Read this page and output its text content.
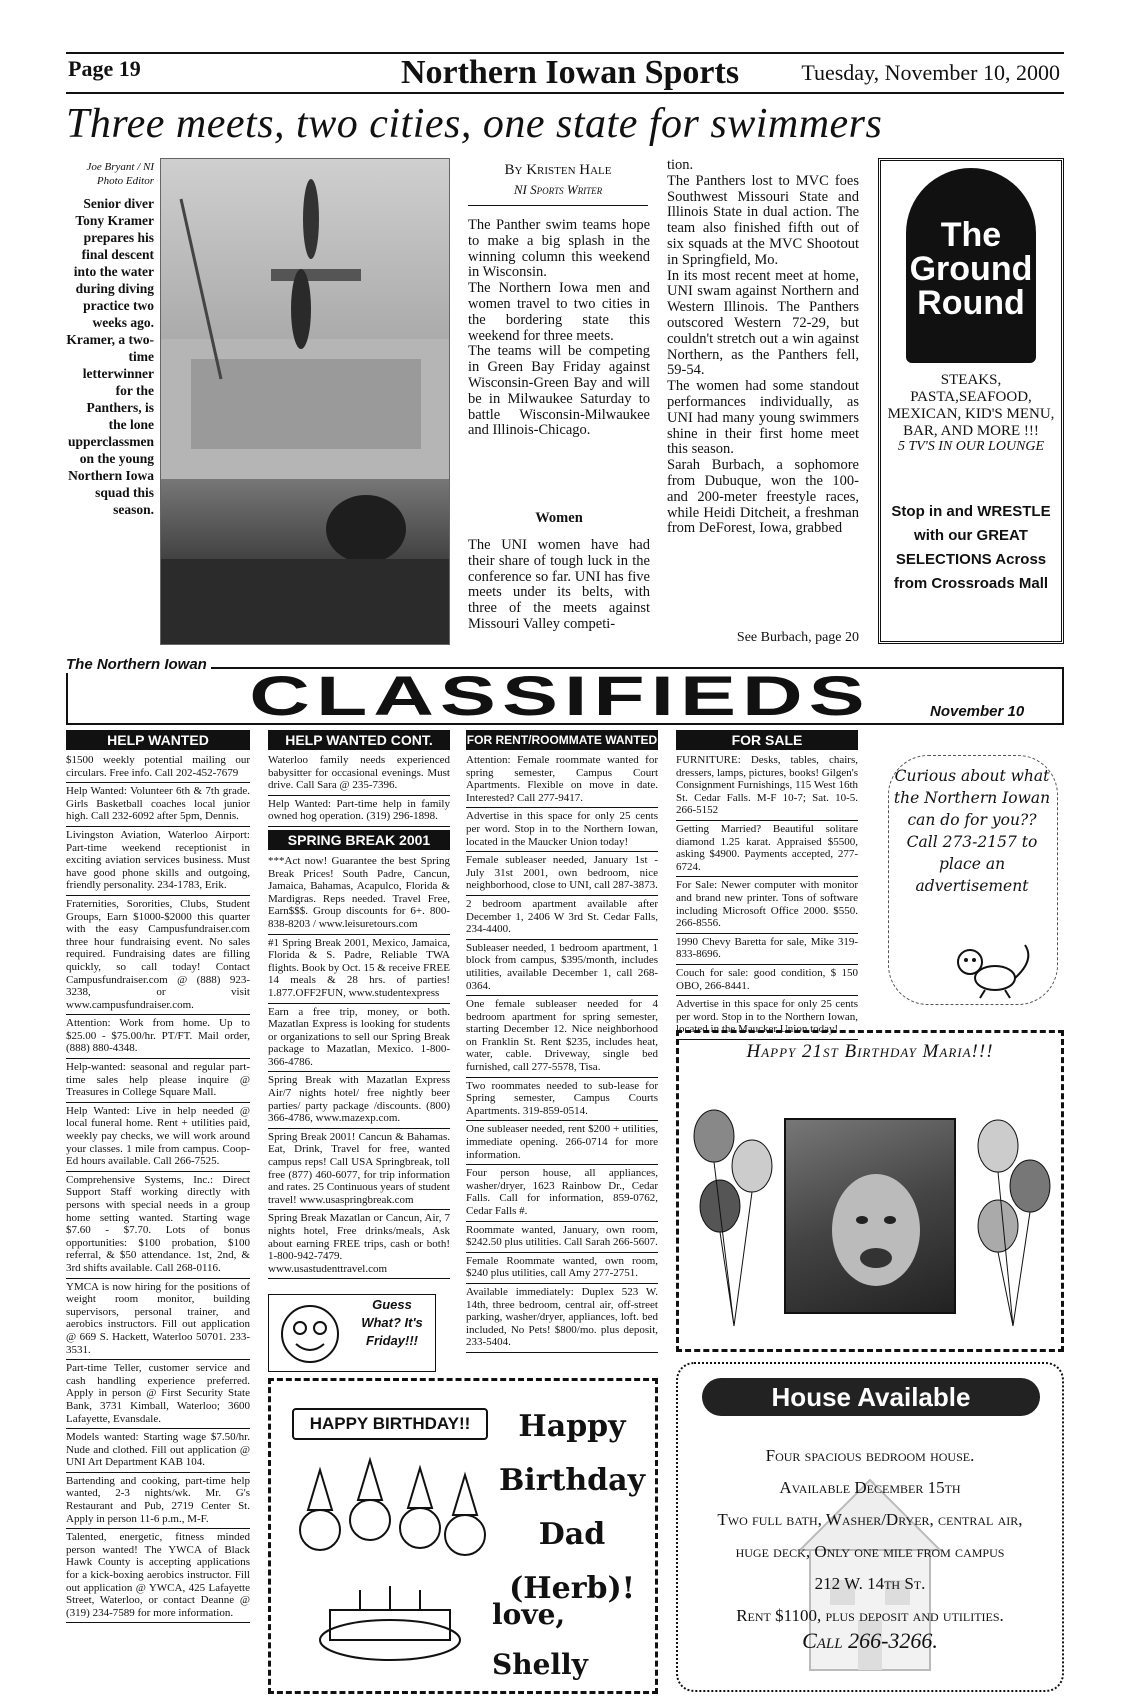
Page 19	Northern Iowan Sports	Tuesday, November 10, 2000
Three meets, two cities, one state for swimmers
Joe Bryant / NI Photo Editor
Senior diver Tony Kramer prepares his final descent into the water during diving practice two weeks ago. Kramer, a two-time letterwinner for the Panthers, is the lone upperclassmen on the young Northern Iowa squad this season.
By Kristen Hale
NI Sports Writer
The Panther swim teams hope to make a big splash in the winning column this weekend in Wisconsin.
The Northern Iowa men and women travel to two cities in the bordering state this weekend for three meets.
The teams will be competing in Green Bay Friday against Wisconsin-Green Bay and will be in Milwaukee Saturday to battle Wisconsin-Milwaukee and Illinois-Chicago.
Women
The UNI women have had their share of tough luck in the conference so far. UNI has five meets under its belts, with three of the meets against Missouri Valley competi-
tion.
The Panthers lost to MVC foes Southwest Missouri State and Illinois State in dual action. The team also finished fifth out of six squads at the MVC Shootout in Springfield, Mo.
In its most recent meet at home, UNI swam against Northern and Western Illinois. The Panthers outscored Western 72-29, but couldn't stretch out a win against Northern, as the Panthers fell, 59-54.
The women had some standout performances individually, as UNI had many young swimmers shine in their first home meet this season.
Sarah Burbach, a sophomore from Dubuque, won the 100- and 200-meter freestyle races, while Heidi Ditcheit, a freshman from DeForest, Iowa, grabbed
See Burbach, page 20
The Ground Round
STEAKS, PASTA,SEAFOOD, MEXICAN, KID'S MENU, BAR, AND MORE !!!
5 TV'S IN OUR LOUNGE
Stop in and WRESTLE with our GREAT SELECTIONS Across from Crossroads Mall
The Northern Iowan CLASSIFIEDS	November 10
HELP WANTED	HELP WANTED CONT.	FOR RENT/ROOMMATE WANTED	FOR SALE
$1500 weekly potential mailing our circulars. Free info. Call 202-452-7679
Help Wanted: Volunteer 6th & 7th grade. Girls Basketball coaches local junior high. Call 232-6092 after 5pm, Dennis.
Livingston Aviation, Waterloo Airport: Part-time weekend receptionist in exciting aviation services business. Must have good phone skills and outgoing, friendly personality. 234-1783, Erik.
Fraternities, Sororities, Clubs, Student Groups, Earn $1000-$2000 this quarter with the easy Campusfundraiser.com three hour fundraising event. No sales required. Fundraising dates are filling quickly, so call today! Contact Campusfundraiser.com @ (888) 923-3238, or visit www.campusfundraiser.com.
Attention: Work from home. Up to $25.00 - $75.00/hr. PT/FT. Mail order, (888) 880-4348.
Help-wanted: seasonal and regular part-time sales help please inquire @ Treasures in College Square Mall.
Help Wanted: Live in help needed @ local funeral home. Rent + utilities paid, weekly pay checks, we will work around your classes. 1 mile from campus. Coop-Ed hours available. Call 266-7525.
Comprehensive Systems, Inc.: Direct Support Staff working directly with persons with special needs in a group home setting wanted. Starting wage $7.60 - $7.70. Lots of bonus opportunities: $100 probation, $100 referral, & $50 attendance. 1st, 2nd, & 3rd shifts available. Call 268-0116.
YMCA is now hiring for the positions of weight room monitor, building supervisors, personal trainer, and aerobics instructors. Fill out application @ 669 S. Hackett, Waterloo 50701. 233-3531.
Part-time Teller, customer service and cash handling experience preferred. Apply in person @ First Security State Bank, 3731 Kimball, Waterloo; 3600 Lafayette, Evansdale.
Models wanted: Starting wage $7.50/hr. Nude and clothed. Fill out application @ UNI Art Department KAB 104.
Bartending and cooking, part-time help wanted, 2-3 nights/wk. Mr. G's Restaurant and Pub, 2719 Center St. Apply in person 11-6 p.m., M-F.
Talented, energetic, fitness minded person wanted! The YWCA of Black Hawk County is accepting applications for a kick-boxing aerobics instructor. Fill out application @ YWCA, 425 Lafayette Street, Waterloo, or contact Deanne @ (319) 234-7589 for more information.
Waterloo family needs experienced babysitter for occasional evenings. Must drive. Call Sara @ 235-7396.
Help Wanted: Part-time help in family owned hog operation. (319) 296-1898.
SPRING BREAK 2001
***Act now! Guarantee the best Spring Break Prices! South Padre, Cancun, Jamaica, Bahamas, Acapulco, Florida & Mardigras. Reps needed. Travel Free, Earn$$$. Group discounts for 6+. 800-838-8203 / www.leisuretours.com
#1 Spring Break 2001, Mexico, Jamaica, Florida & S. Padre, Reliable TWA flights. Book by Oct. 15 & receive FREE 14 meals & 28 hrs. of parties! 1.877.OFF2FUN, www.studentexpress
Earn a free trip, money, or both. Mazatlan Express is looking for students or organizations to sell our Spring Break package to Mazatlan, Mexico. 1-800-366-4786.
Spring Break with Mazatlan Express Air/7 nights hotel/ free nightly beer parties/ party package /discounts. (800) 366-4786, www.mazexp.com.
Spring Break 2001! Cancun & Bahamas. Eat, Drink, Travel for free, wanted campus reps! Call USA Springbreak, toll free (877) 460-6077, for trip information and rates. 25 Continuous years of student travel! www.usaspringbreak.com
Spring Break Mazatlan or Cancun, Air, 7 nights hotel, Free drinks/meals, Ask about earning FREE trips, cash or both! 1-800-942-7479. www.usastudenttravel.com
Attention: Female roommate wanted for spring semester, Campus Court Apartments. Flexible on move in date. Interested? Call 277-9417.
Advertise in this space for only 25 cents per word. Stop in to the Northern Iowan, located in the Maucker Union today!
Female subleaser needed, January 1st - July 31st 2001, own bedroom, nice neighborhood, close to UNI, call 287-3873.
2 bedroom apartment available after December 1, 2406 W 3rd St. Cedar Falls, 234-4400.
Subleaser needed, 1 bedroom apartment, 1 block from campus, $395/month, includes utilities, available December 1, call 268-0364.
One female subleaser needed for 4 bedroom apartment for spring semester, starting December 12. Nice neighborhood on Franklin St. Rent $235, includes heat, water, cable. Driveway, single bed furnished, call 277-5578, Tisa.
Two roommates needed to sub-lease for Spring semester, Campus Courts Apartments. 319-859-0514.
One subleaser needed, rent $200 + utilities, immediate opening. 266-0714 for more information.
Four person house, all appliances, washer/dryer, 1623 Rainbow Dr., Cedar Falls. Call for information, 859-0762, Cedar Falls #.
Roommate wanted, January, own room, $242.50 plus utilities. Call Sarah 266-5607.
Female Roommate wanted, own room, $240 plus utilities, call Amy 277-2751.
Available immediately: Duplex 523 W. 14th, three bedroom, central air, off-street parking, washer/dryer, appliances, loft. bed included, No Pets! $800/mo. plus deposit, 233-5404.
FURNITURE: Desks, tables, chairs, dressers, lamps, pictures, books! Gilgen's Consignment Furnishings, 115 West 16th St. Cedar Falls. M-F 10-7; Sat. 10-5. 266-5152
Getting Married? Beautiful solitare diamond 1.25 karat. Appraised $5500, asking $4900. Payments accepted, 277-6724.
For Sale: Newer computer with monitor and brand new printer. Tons of software including Microsoft Office 2000. $550. 266-8556.
1990 Chevy Baretta for sale, Mike 319-833-8696.
Couch for sale: good condition, $ 150 OBO, 266-8441.
Advertise in this space for only 25 cents per word. Stop in to the Northern Iowan, located in the Maucker Union today!
Curious about what the Northern Iowan can do for you?? Call 273-2157 to place an advertisement
Happy 21st Birthday Maria!!!
House Available
Four spacious bedroom house.
Available December 15th
Two full bath, Washer/Dryer, central air,
huge deck, Only one mile from campus
212 W. 14th St.
Rent $1100, plus deposit and utilities.
Call 266-3266.
Guess What? It's Friday!!!
HAPPY BIRTHDAY!!	Happy Birthday Dad (Herb)!
love, Shelly
